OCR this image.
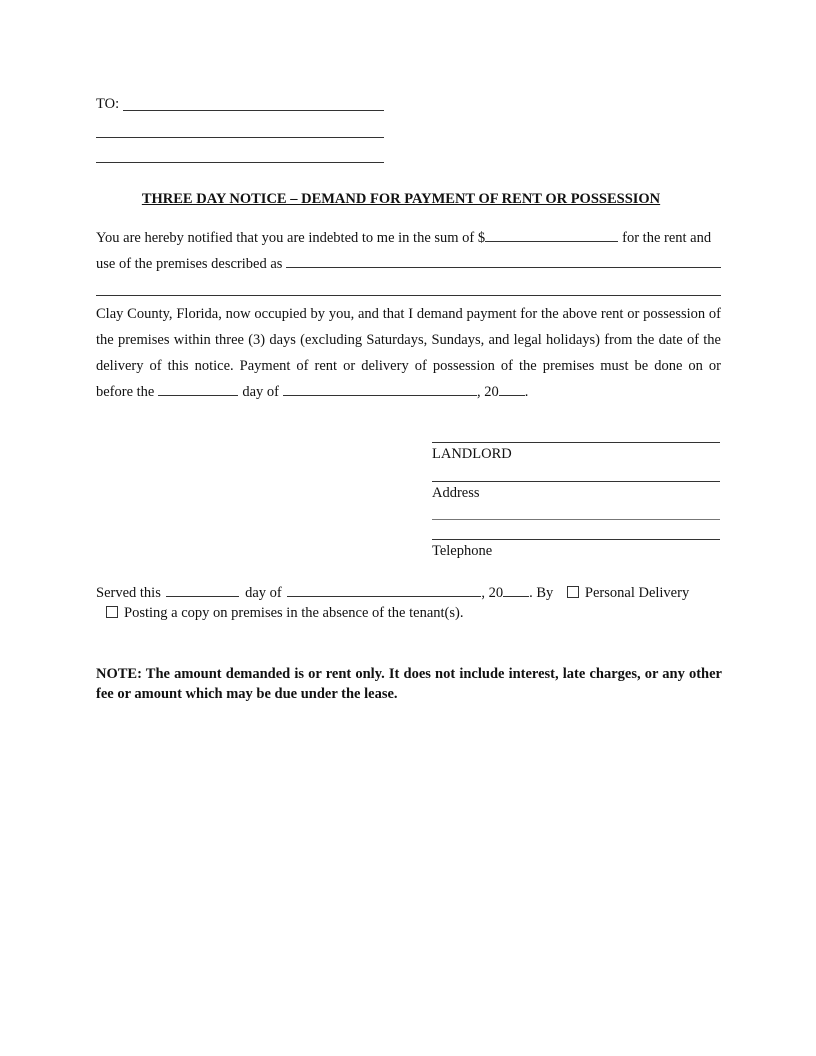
TO:
THREE DAY NOTICE – DEMAND FOR PAYMENT OF RENT OR POSSESSION
You are hereby notified that you are indebted to me in the sum of $	for the rent and
use of the premises described as
Clay County, Florida, now occupied by you, and that I demand payment for the above rent or possession of the premises within three (3) days (excluding Saturdays, Sundays, and legal holidays) from the date of the delivery of this notice. Payment of rent or delivery of possession of the premises must be done on or
before the	day of	, 20 .
LANDLORD
Address
Telephone
Served this	day of	, 20 . By Personal Delivery
Posting a copy on premises in the absence of the tenant(s).
NOTE: The amount demanded is or rent only. It does not include interest, late charges, or any other fee or amount which may be due under the lease.
